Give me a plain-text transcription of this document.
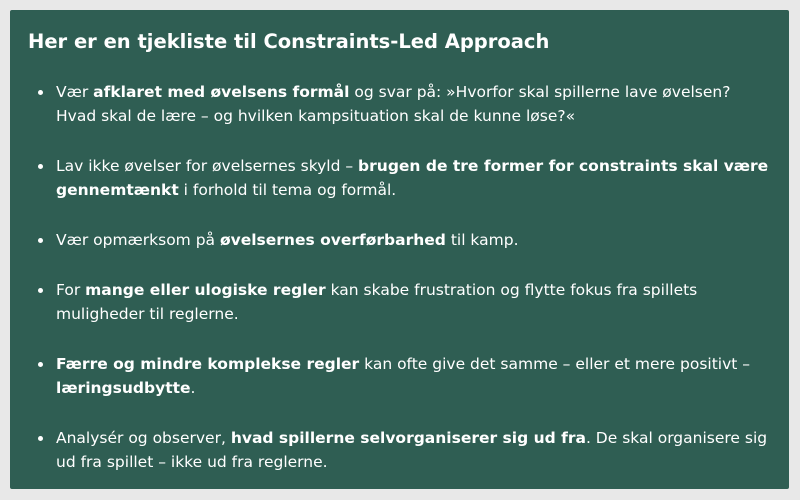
Her er en tjekliste til Constraints-Led Approach
Vær afklaret med øvelsens formål og svar på: »Hvorfor skal spillerne lave øvelsen? Hvad skal de lære – og hvilken kampsituation skal de kunne løse?«
Lav ikke øvelser for øvelsernes skyld – brugen de tre former for constraints skal være gennemtænkt i forhold til tema og formål.
Vær opmærksom på øvelsernes overførbarhed til kamp.
For mange eller ulogiske regler kan skabe frustration og flytte fokus fra spillets muligheder til reglerne.
Færre og mindre komplekse regler kan ofte give det samme – eller et mere positivt – læringsudbytte.
Analysér og observer, hvad spillerne selvorganiserer sig ud fra. De skal organisere sig ud fra spillet – ikke ud fra reglerne.
